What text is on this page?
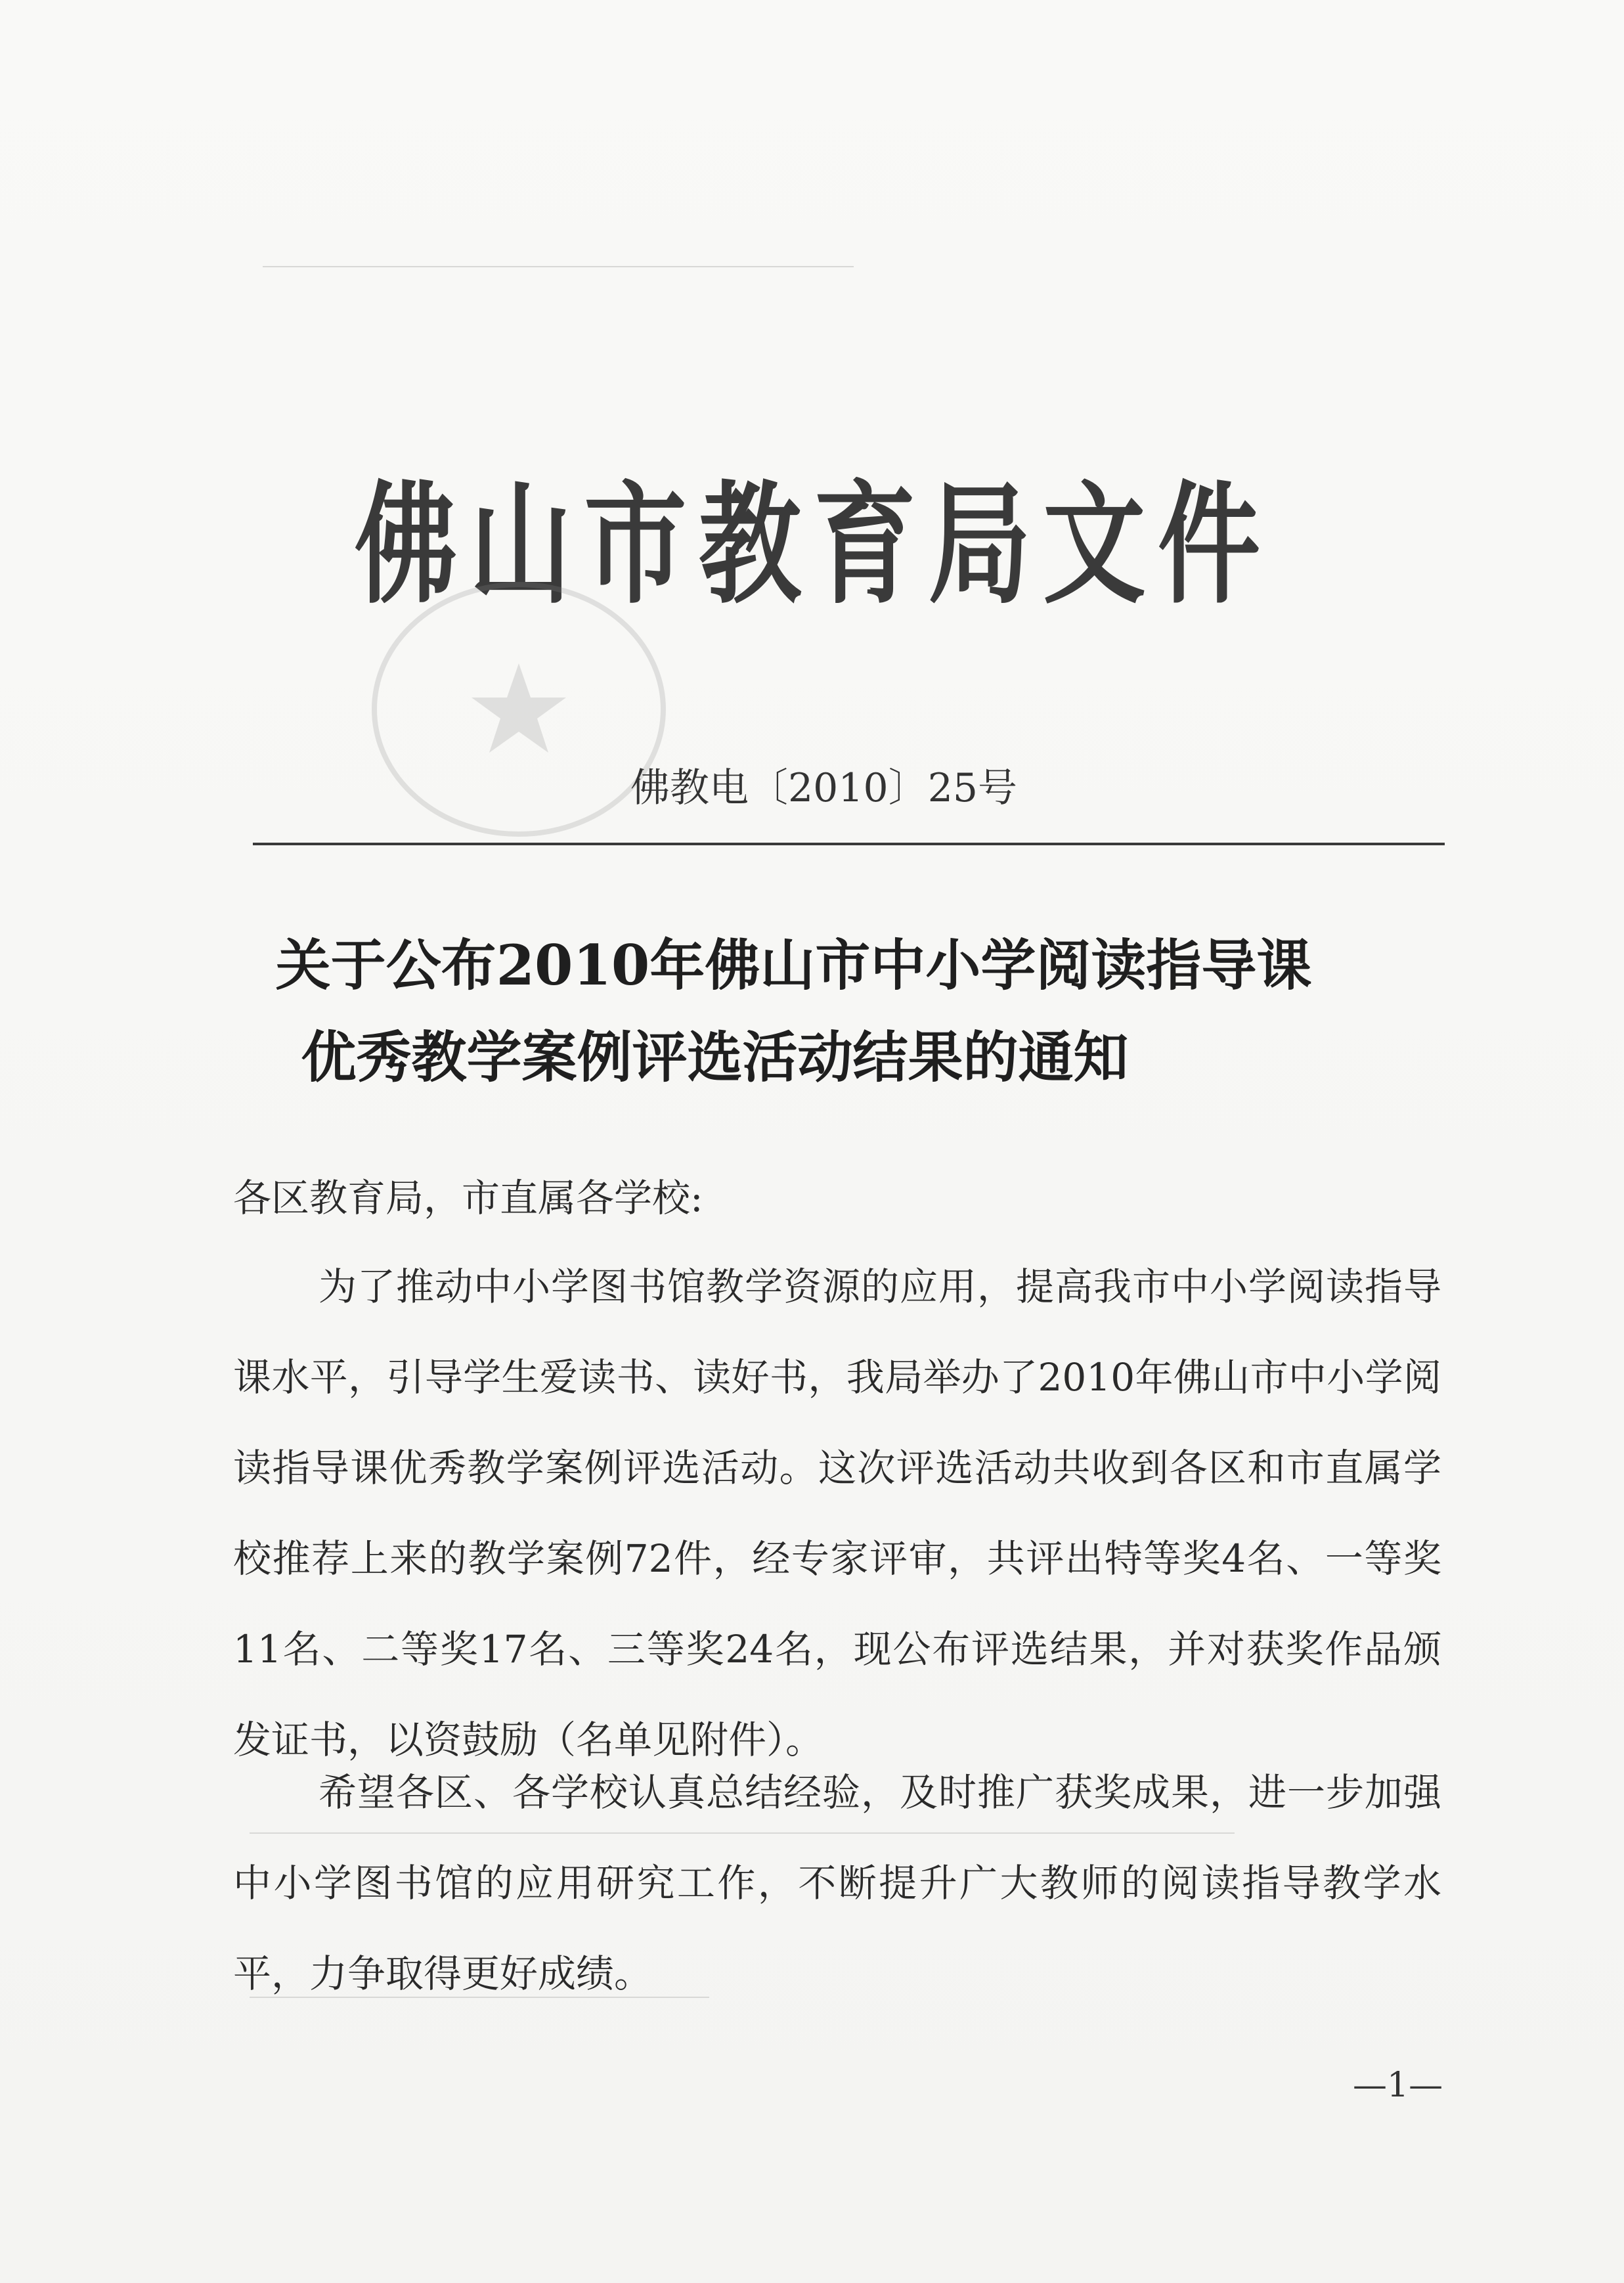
佛山市教育局文件
佛教电〔2010〕25号
关于公布2010年佛山市中小学阅读指导课
优秀教学案例评选活动结果的通知
各区教育局，市直属各学校:
为了推动中小学图书馆教学资源的应用，提高我市中小学阅读指导课水平，引导学生爱读书、读好书，我局举办了2010年佛山市中小学阅读指导课优秀教学案例评选活动。这次评选活动共收到各区和市直属学校推荐上来的教学案例72件，经专家评审，共评出特等奖4名、一等奖11名、二等奖17名、三等奖24名，现公布评选结果，并对获奖作品颁发证书，以资鼓励（名单见附件）。
希望各区、各学校认真总结经验，及时推广获奖成果，进一步加强中小学图书馆的应用研究工作，不断提升广大教师的阅读指导教学水平，力争取得更好成绩。
—1—
